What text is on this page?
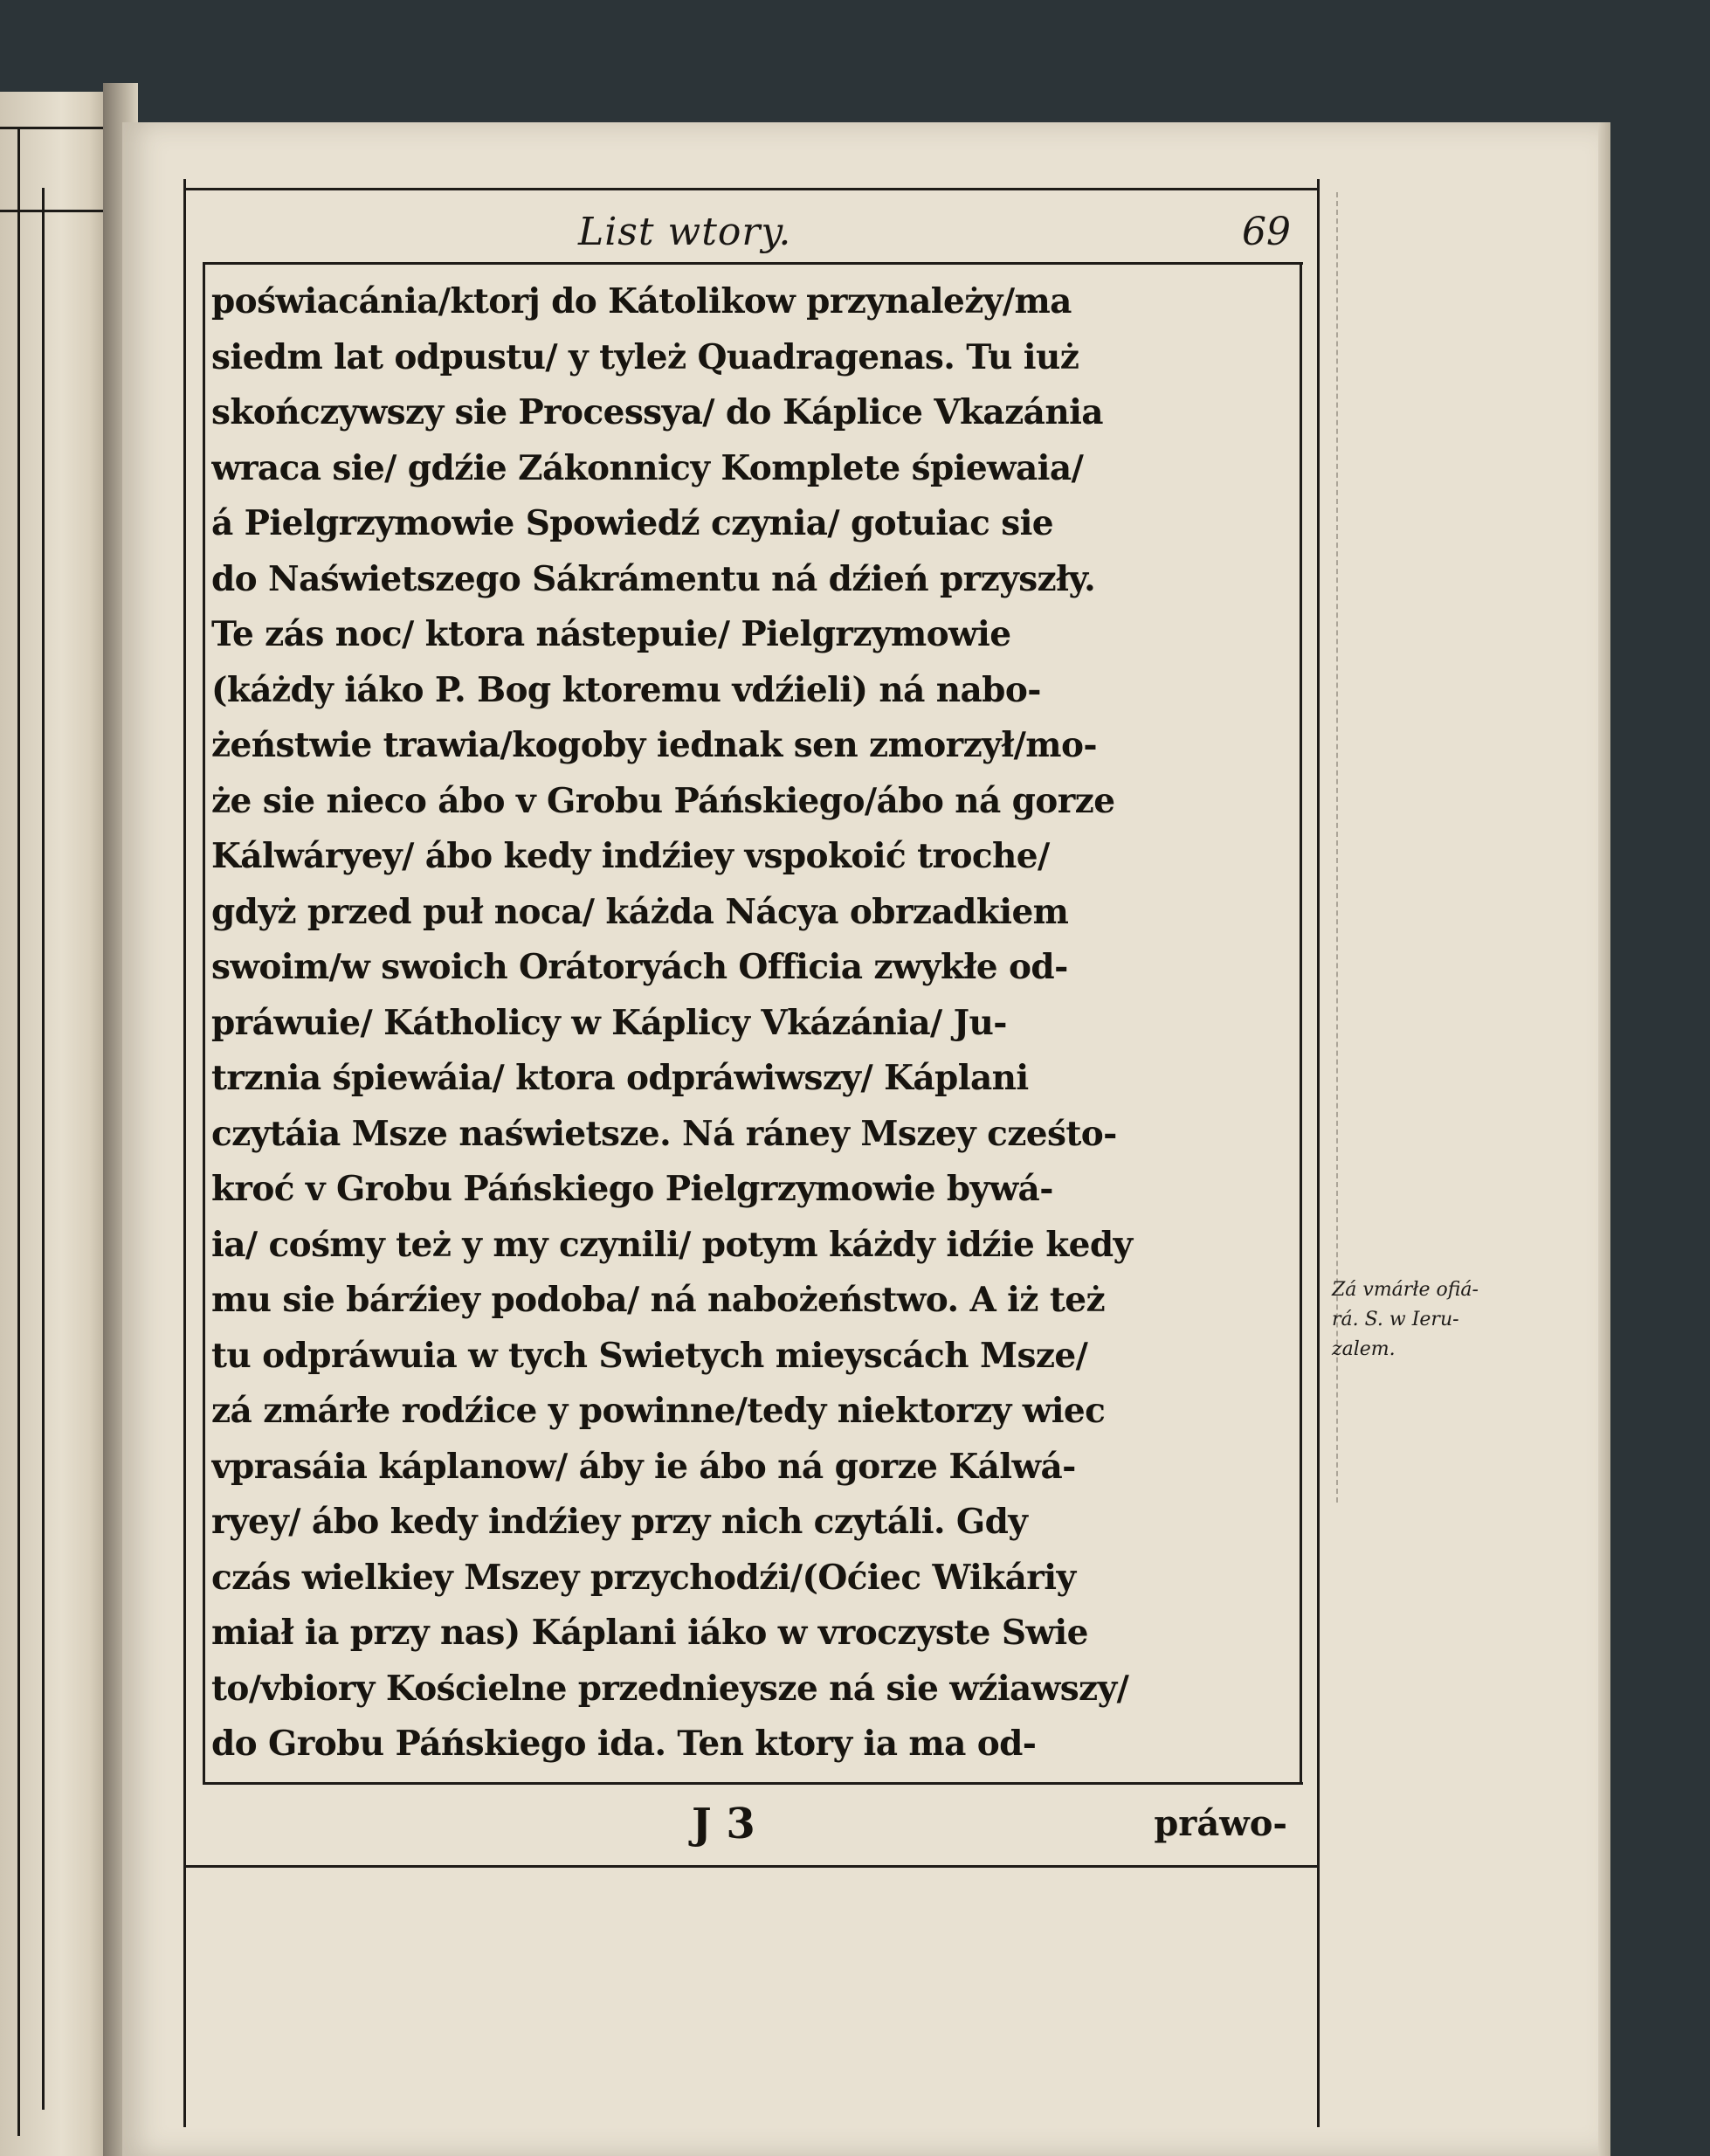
List wtory.	69
poświacánia/ktorj do Kátolikow przynależy/ma
siedm lat odpustu/ y tyleż Quadragenas. Tu iuż
skończywszy sie Processya/ do Káplice Vkazánia
wraca sie/ gdźie Zákonnicy Komplete śpiewaia/
á Pielgrzymowie Spowiedź czynia/ gotuiac sie
do Naświetszego Sákrámentu ná dźień przyszły.
Te zás noc/ ktora nástepuie/ Pielgrzymowie
(káżdy iáko P. Bog ktoremu vdźieli) ná nabo-
żeństwie trawia/kogoby iednak sen zmorzył/mo-
że sie nieco ábo v Grobu Páńskiego/ábo ná gorze
Kálwáryey/ ábo kedy indźiey vspokoić troche/
gdyż przed puł noca/ káżda Nácya obrzadkiem
swoim/w swoich Orátoryách Officia zwykłe od-
práwuie/ Kátholicy w Káplicy Vkázánia/ Ju-
trznia śpiewáia/ ktora odpráwiwszy/ Káplani
czytáia Msze naświetsze. Ná ráney Mszey cześto-
kroć v Grobu Páńskiego Pielgrzymowie bywá-
ia/ cośmy też y my czynili/ potym káżdy idźie kedy
mu sie bárźiey podoba/ ná nabożeństwo. A iż też
tu odpráwuia w tych Swietych mieyscách Msze/
zá zmárłe rodźice y powinne/tedy niektorzy wiec
vprasáia káplanow/ áby ie ábo ná gorze Kálwá-
ryey/ ábo kedy indźiey przy nich czytáli. Gdy
czás wielkiey Mszey przychodźi/(Oćiec Wikáriy
miał ia przy nas) Káplani iáko w vroczyste Swie
to/vbiory Kościelne przednieysze ná sie wźiawszy/
do Grobu Páńskiego ida. Ten ktory ia ma od-
J 3	práwo-
Zá vmárłe ofiá-
rá. S. w Ieru-
zalem.
